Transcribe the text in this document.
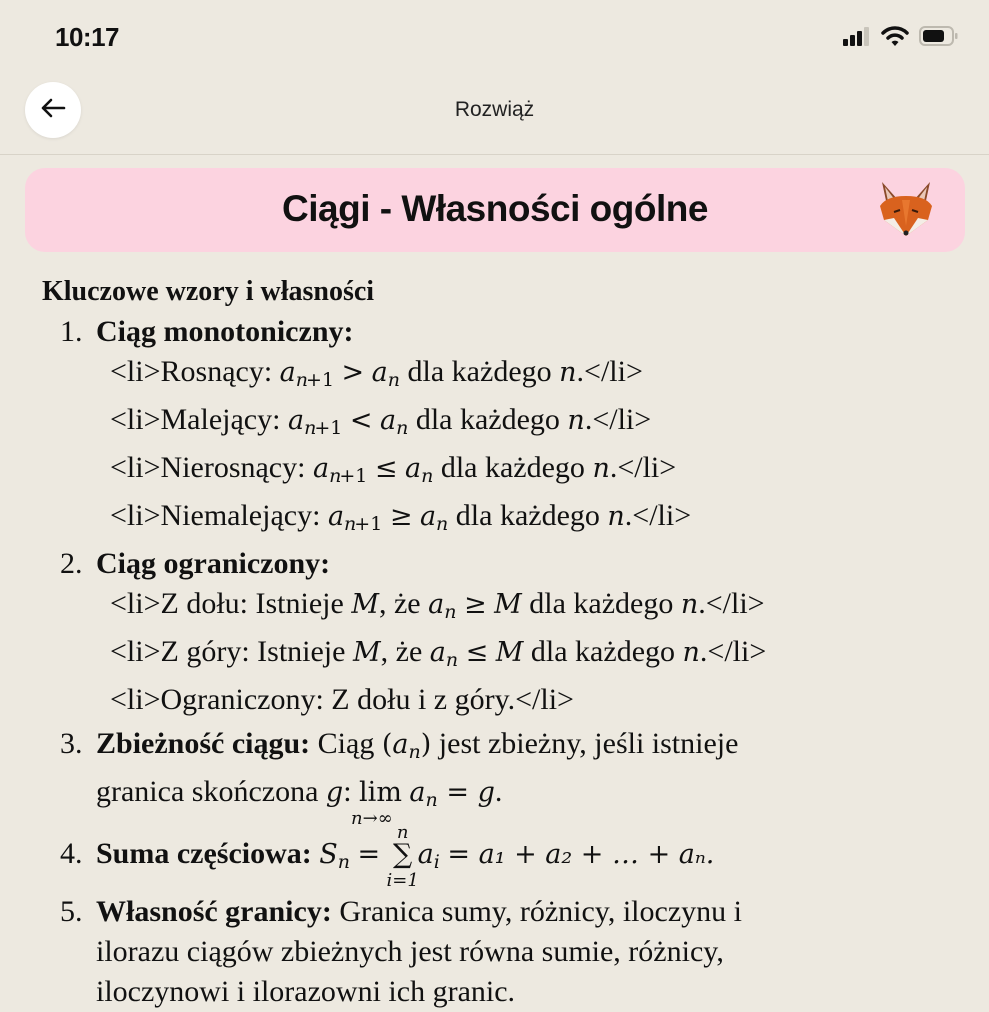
10:17
Rozwiąż
Ciągi - Własności ogólne
Kluczowe wzory i własności
1. Ciąg monotoniczny:
<li>Rosnący: $a_{n+1} > a_n$ dla każdego n.</li>
<li>Malejący: $a_{n+1} < a_n$ dla każdego n.</li>
<li>Nierosnący: $a_{n+1} \le a_n$ dla każdego n.</li>
<li>Niemalejący: $a_{n+1} \ge a_n$ dla każdego n.</li>
2. Ciąg ograniczony:
<li>Z dołu: Istnieje M, że $a_n \ge M$ dla każdego n.</li>
<li>Z góry: Istnieje M, że $a_n \le M$ dla każdego n.</li>
<li>Ograniczony: Z dołu i z góry.</li>
3. Zbieżność ciągu: Ciąg $(a_n)$ jest zbieżny, jeśli istnieje
granica skończona g: lim
n→∞
$a_n = g$.
4. Suma częściowa: $S_n$ = ∑
n
i=1
$a_i = a_1 + a_2$ + … + aₙ.
5. Własność granicy: Granica sumy, różnicy, iloczynu i
ilorazu ciągów zbieżnych jest równa sumie, różnicy,
iloczynowi i ilorazowni ich granic.
